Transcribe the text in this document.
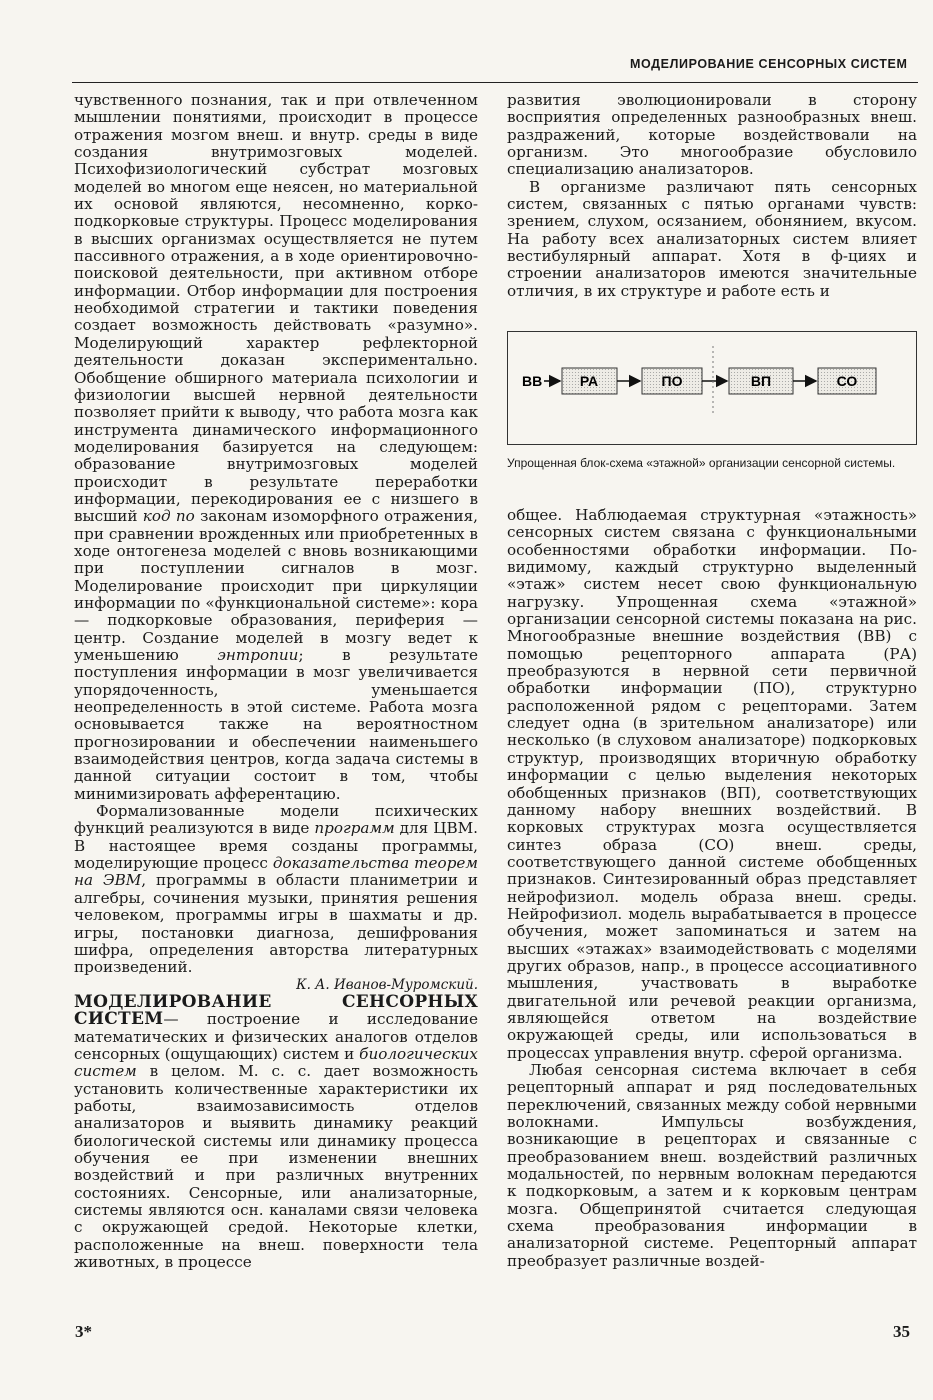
МОДЕЛИРОВАНИЕ СЕНСОРНЫХ СИСТЕМ

чувственного познания, так и при отвлеченном мышлении понятиями, происходит в процессе отражения мозгом внеш. и внутр. среды в виде создания внутримозговых моделей. Психофизиологический субстрат мозговых моделей во многом еще неясен, но материальной их основой являются, несомненно, корко-подкорковые структуры. Процесс моделирования в высших организмах осуществляется не путем пассивного отражения, а в ходе ориентировочно-поисковой деятельности, при активном отборе информации. Отбор информации для построения необходимой стратегии и тактики поведения создает возможность действовать «разумно». Моделирующий характер рефлекторной деятельности доказан экспериментально. Обобщение обширного материала психологии и физиологии высшей нервной деятельности позволяет прийти к выводу, что работа мозга как инструмента динамического информационного моделирования базируется на следующем: образование внутримозговых моделей происходит в результате переработки информации, перекодирования ее с низшего в высший код по законам изоморфного отражения, при сравнении врожденных или приобретенных в ходе онтогенеза моделей с вновь возникающими при поступлении сигналов в мозг. Моделирование происходит при циркуляции информации по «функциональной системе»: кора — подкорковые образования, периферия — центр. Создание моделей в мозгу ведет к уменьшению энтропии; в результате поступления информации в мозг увеличивается упорядоченность, уменьшается неопределенность в этой системе. Работа мозга основывается также на вероятностном прогнозировании и обеспечении наименьшего взаимодействия центров, когда задача системы в данной ситуации состоит в том, чтобы минимизировать афферентацию.

Формализованные модели психических функций реализуются в виде программ для ЦВМ. В настоящее время созданы программы, моделирующие процесс доказательства теорем на ЭВМ, программы в области планиметрии и алгебры, сочинения музыки, принятия решения человеком, программы игры в шахматы и др. игры, постановки диагноза, дешифрования шифра, определения авторства литературных произведений.

К. А. Иванов-Муромский.

МОДЕЛИРОВАНИЕ СЕНСОРНЫХ СИСТЕМ— построение и исследование математических и физических аналогов отделов сенсорных (ощущающих) систем и биологических систем в целом. М. с. с. дает возможность установить количественные характеристики их работы, взаимозависимость отделов анализаторов и выявить динамику реакций биологической системы или динамику процесса обучения ее при изменении внешних воздействий и при различных внутренних состояниях. Сенсорные, или анализаторные, системы являются осн. каналами связи человека с окружающей средой. Некоторые клетки, расположенные на внеш. поверхности тела животных, в процессе

развития эволюционировали в сторону восприятия определенных разнообразных внеш. раздражений, которые воздействовали на организм. Это многообразие обусловило специализацию анализаторов.

В организме различают пять сенсорных систем, связанных с пятью органами чувств: зрением, слухом, осязанием, обонянием, вкусом. На работу всех анализаторных систем влияет вестибулярный аппарат. Хотя в ф-циях и строении анализаторов имеются значительные отличия, в их структуре и работе есть и

ВВ	РА	ПО	ВП	СО

Упрощенная блок-схема «этажной» организации сенсорной системы.

общее. Наблюдаемая структурная «этажность» сенсорных систем связана с функциональными особенностями обработки информации. По-видимому, каждый структурно выделенный «этаж» систем несет свою функциональную нагрузку. Упрощенная схема «этажной» организации сенсорной системы показана на рис. Многообразные внешние воздействия (ВВ) с помощью рецепторного аппарата (РА) преобразуются в нервной сети первичной обработки информации (ПО), структурно расположенной рядом с рецепторами. Затем следует одна (в зрительном анализаторе) или несколько (в слуховом анализаторе) подкорковых структур, производящих вторичную обработку информации с целью выделения некоторых обобщенных признаков (ВП), соответствующих данному набору внешних воздействий. В корковых структурах мозга осуществляется синтез образа (СО) внеш. среды, соответствующего данной системе обобщенных признаков. Синтезированный образ представляет нейрофизиол. модель образа внеш. среды. Нейрофизиол. модель вырабатывается в процессе обучения, может запоминаться и затем на высших «этажах» взаимодействовать с моделями других образов, напр., в процессе ассоциативного мышления, участвовать в выработке двигательной или речевой реакции организма, являющейся ответом на воздействие окружающей среды, или использоваться в процессах управления внутр. сферой организма.

Любая сенсорная система включает в себя рецепторный аппарат и ряд последовательных переключений, связанных между собой нервными волокнами. Импульсы возбуждения, возникающие в рецепторах и связанные с преобразованием внеш. воздействий различных модальностей, по нервным волокнам передаются к подкорковым, а затем и к корковым центрам мозга. Общепринятой считается следующая схема преобразования информации в анализаторной системе. Рецепторный аппарат преобразует различные воздей-

3*	35
